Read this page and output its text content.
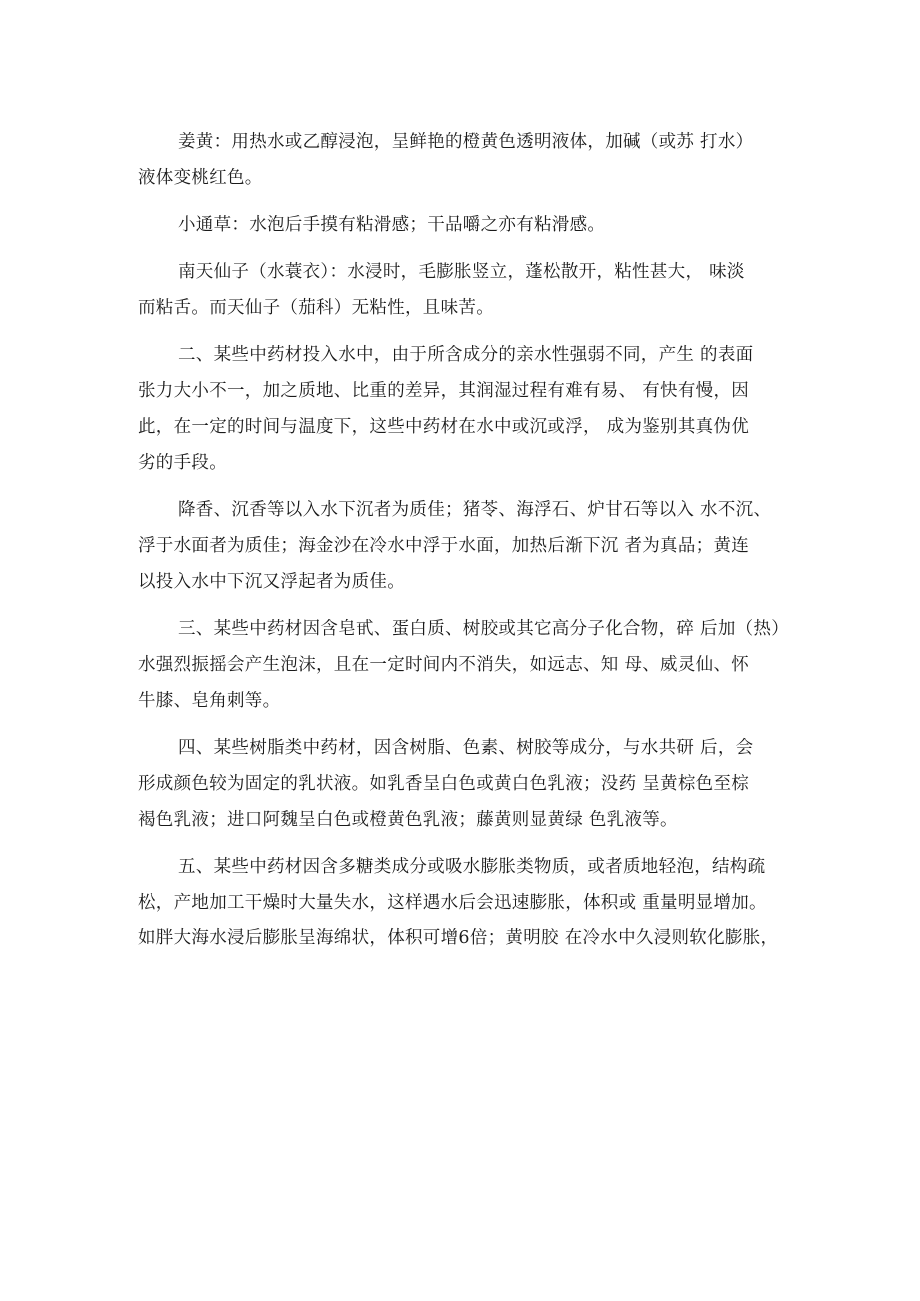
姜黄：用热水或乙醇浸泡，呈鲜艳的橙黄色透明液体，加碱（或苏 打水）
液体变桃红色。

小通草：水泡后手摸有粘滑感；干品嚼之亦有粘滑感。

南天仙子（水蓑衣）：水浸时，毛膨胀竖立，蓬松散开，粘性甚大， 味淡
而粘舌。而天仙子（茄科）无粘性，且味苦。

二、某些中药材投入水中，由于所含成分的亲水性强弱不同，产生 的表面
张力大小不一，加之质地、比重的差异，其润湿过程有难有易、 有快有慢，因
此，在一定的时间与温度下，这些中药材在水中或沉或浮， 成为鉴别其真伪优
劣的手段。

降香、沉香等以入水下沉者为质佳；猪苓、海浮石、炉甘石等以入 水不沉、
浮于水面者为质佳；海金沙在冷水中浮于水面，加热后渐下沉 者为真品；黄连
以投入水中下沉又浮起者为质佳。

三、某些中药材因含皂甙、蛋白质、树胶或其它高分子化合物，碎 后加（热）
水强烈振摇会产生泡沫，且在一定时间内不消失，如远志、知 母、威灵仙、怀
牛膝、皂角刺等。

四、某些树脂类中药材，因含树脂、色素、树胶等成分，与水共研 后，会
形成颜色较为固定的乳状液。如乳香呈白色或黄白色乳液；没药 呈黄棕色至棕
褐色乳液；进口阿魏呈白色或橙黄色乳液；藤黄则显黄绿 色乳液等。

五、某些中药材因含多糖类成分或吸水膨胀类物质，或者质地轻泡，结构疏
松，产地加工干燥时大量失水，这样遇水后会迅速膨胀，体积或 重量明显增加。
如胖大海水浸后膨胀呈海绵状，体积可增6倍；黄明胶 在冷水中久浸则软化膨胀，
